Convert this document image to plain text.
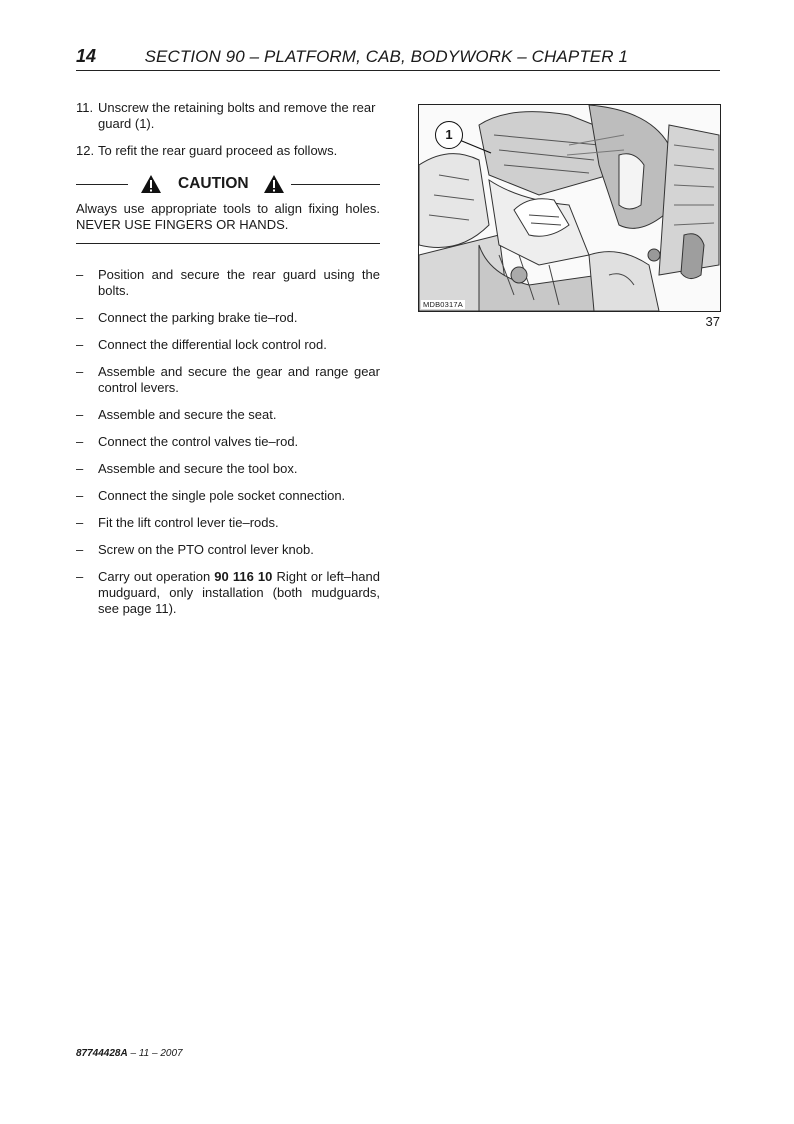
14	SECTION 90 – PLATFORM, CAB, BODYWORK – CHAPTER 1
11. Unscrew the retaining bolts and remove the rear guard (1).
12. To refit the rear guard proceed as follows.
CAUTION
Always use appropriate tools to align fixing holes. NEVER USE FINGERS OR HANDS.
–	Position and secure the rear guard using the bolts.
–	Connect the parking brake tie–rod.
–	Connect the differential lock control rod.
–	Assemble and secure the gear and range gear control levers.
–	Assemble and secure the seat.
–	Connect the control valves tie–rod.
–	Assemble and secure the tool box.
–	Connect the single pole socket connection.
–	Fit the lift control lever tie–rods.
–	Screw on the PTO control lever knob.
–	Carry out operation 90 116 10 Right or left–hand mudguard, only installation (both mudguards, see page 11).
1
MDB0317A
37
87744428A – 11 – 2007
